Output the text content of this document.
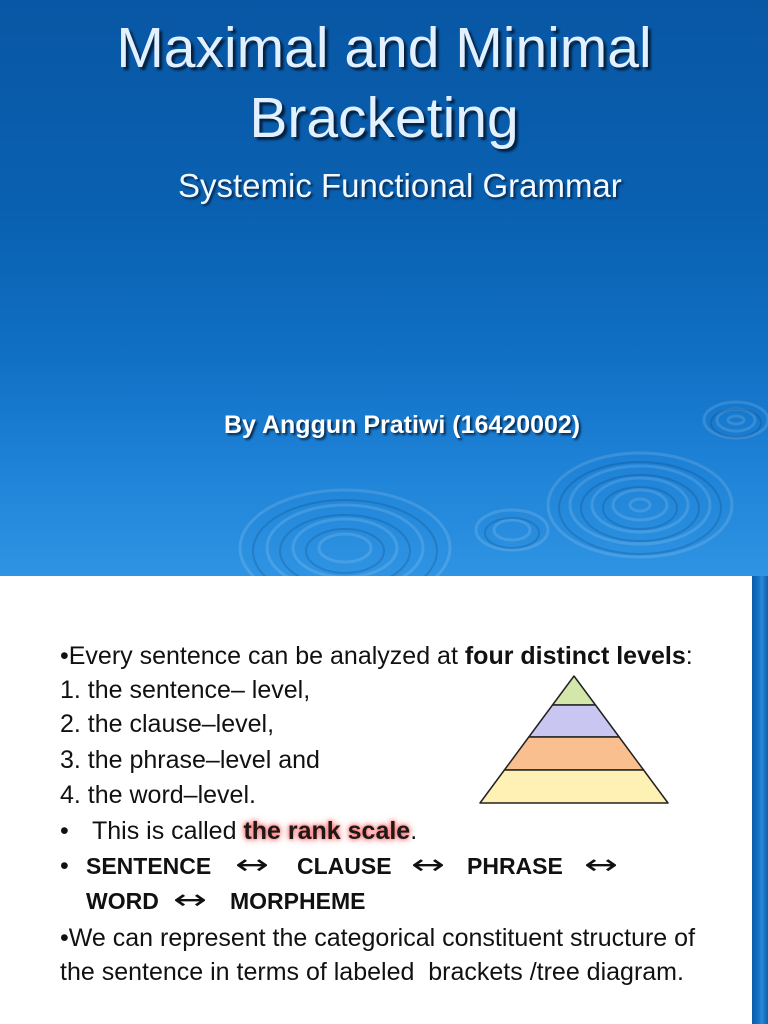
Maximal and Minimal
Bracketing
Systemic Functional Grammar
By Anggun Pratiwi (16420002)
•Every sentence can be analyzed at four distinct levels:
1. the sentence– level,
2. the clause–level,
3. the phrase–level and
4. the word–level.
• This is called the rank scale.
• SENTENCE ↔ CLAUSE ↔ PHRASE ↔
WORD ↔ MORPHEME
•We can represent the categorical constituent structure of
the sentence in terms of labeled  brackets /tree diagram.
